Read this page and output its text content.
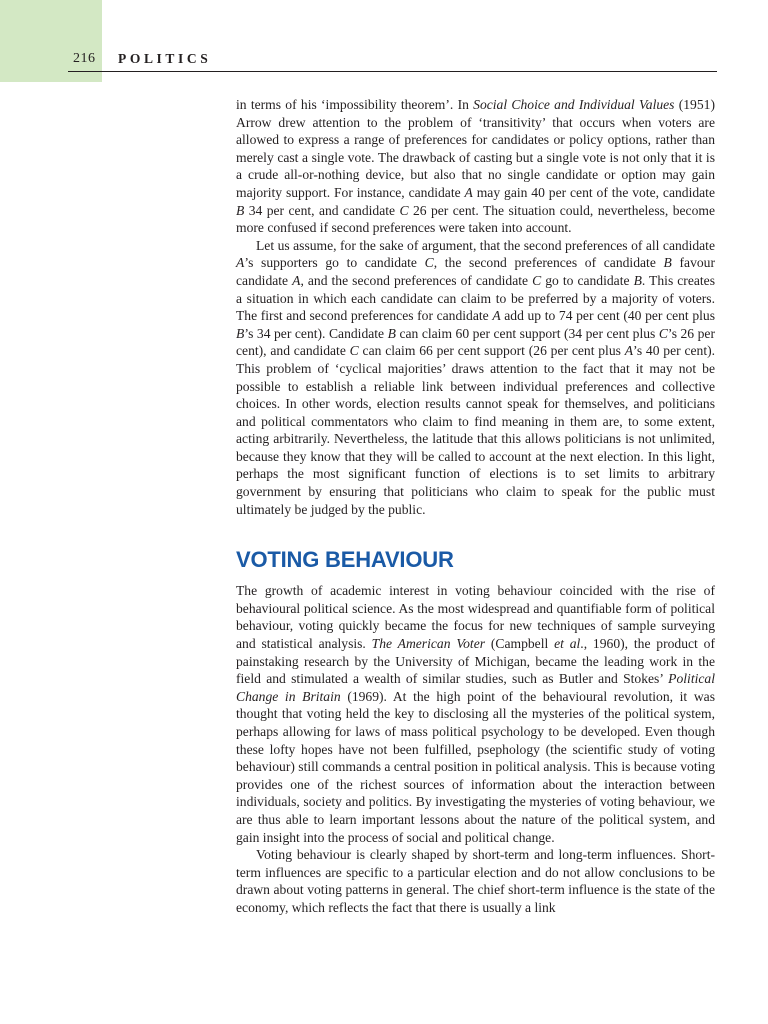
216 POLITICS

in terms of his ‘impossibility theorem’. In Social Choice and Individual Values (1951) Arrow drew attention to the problem of ‘transitivity’ that occurs when voters are allowed to express a range of preferences for candidates or policy options, rather than merely cast a single vote. The drawback of casting but a single vote is not only that it is a crude all-or-nothing device, but also that no single candidate or option may gain majority support. For instance, candidate A may gain 40 per cent of the vote, candidate B 34 per cent, and candidate C 26 per cent. The situation could, nevertheless, become more confused if second preferences were taken into account.

Let us assume, for the sake of argument, that the second preferences of all candidate A’s supporters go to candidate C, the second preferences of candidate B favour candidate A, and the second preferences of candidate C go to candidate B. This creates a situation in which each candidate can claim to be preferred by a majority of voters. The first and second preferences for candidate A add up to 74 per cent (40 per cent plus B’s 34 per cent). Candidate B can claim 60 per cent support (34 per cent plus C’s 26 per cent), and candidate C can claim 66 per cent support (26 per cent plus A’s 40 per cent). This problem of ‘cyclical majorities’ draws attention to the fact that it may not be possible to establish a reliable link between individual preferences and collective choices. In other words, election results cannot speak for themselves, and politicians and political commentators who claim to find meaning in them are, to some extent, acting arbitrarily. Nevertheless, the latitude that this allows politicians is not unlimited, because they know that they will be called to account at the next election. In this light, perhaps the most significant function of elections is to set limits to arbitrary government by ensuring that politicians who claim to speak for the public must ultimately be judged by the public.

VOTING BEHAVIOUR

The growth of academic interest in voting behaviour coincided with the rise of behavioural political science. As the most widespread and quantifiable form of political behaviour, voting quickly became the focus for new techniques of sample surveying and statistical analysis. The American Voter (Campbell et al., 1960), the product of painstaking research by the University of Michigan, became the leading work in the field and stimulated a wealth of similar studies, such as Butler and Stokes’ Political Change in Britain (1969). At the high point of the behavioural revolution, it was thought that voting held the key to disclosing all the mysteries of the political system, perhaps allowing for laws of mass political psychology to be developed. Even though these lofty hopes have not been fulfilled, psephology (the scientific study of voting behaviour) still commands a central position in political analysis. This is because voting provides one of the richest sources of information about the interaction between individuals, society and politics. By investigating the mysteries of voting behaviour, we are thus able to learn important lessons about the nature of the political system, and gain insight into the process of social and political change.

Voting behaviour is clearly shaped by short-term and long-term influences. Short-term influences are specific to a particular election and do not allow conclusions to be drawn about voting patterns in general. The chief short-term influence is the state of the economy, which reflects the fact that there is usually a link
